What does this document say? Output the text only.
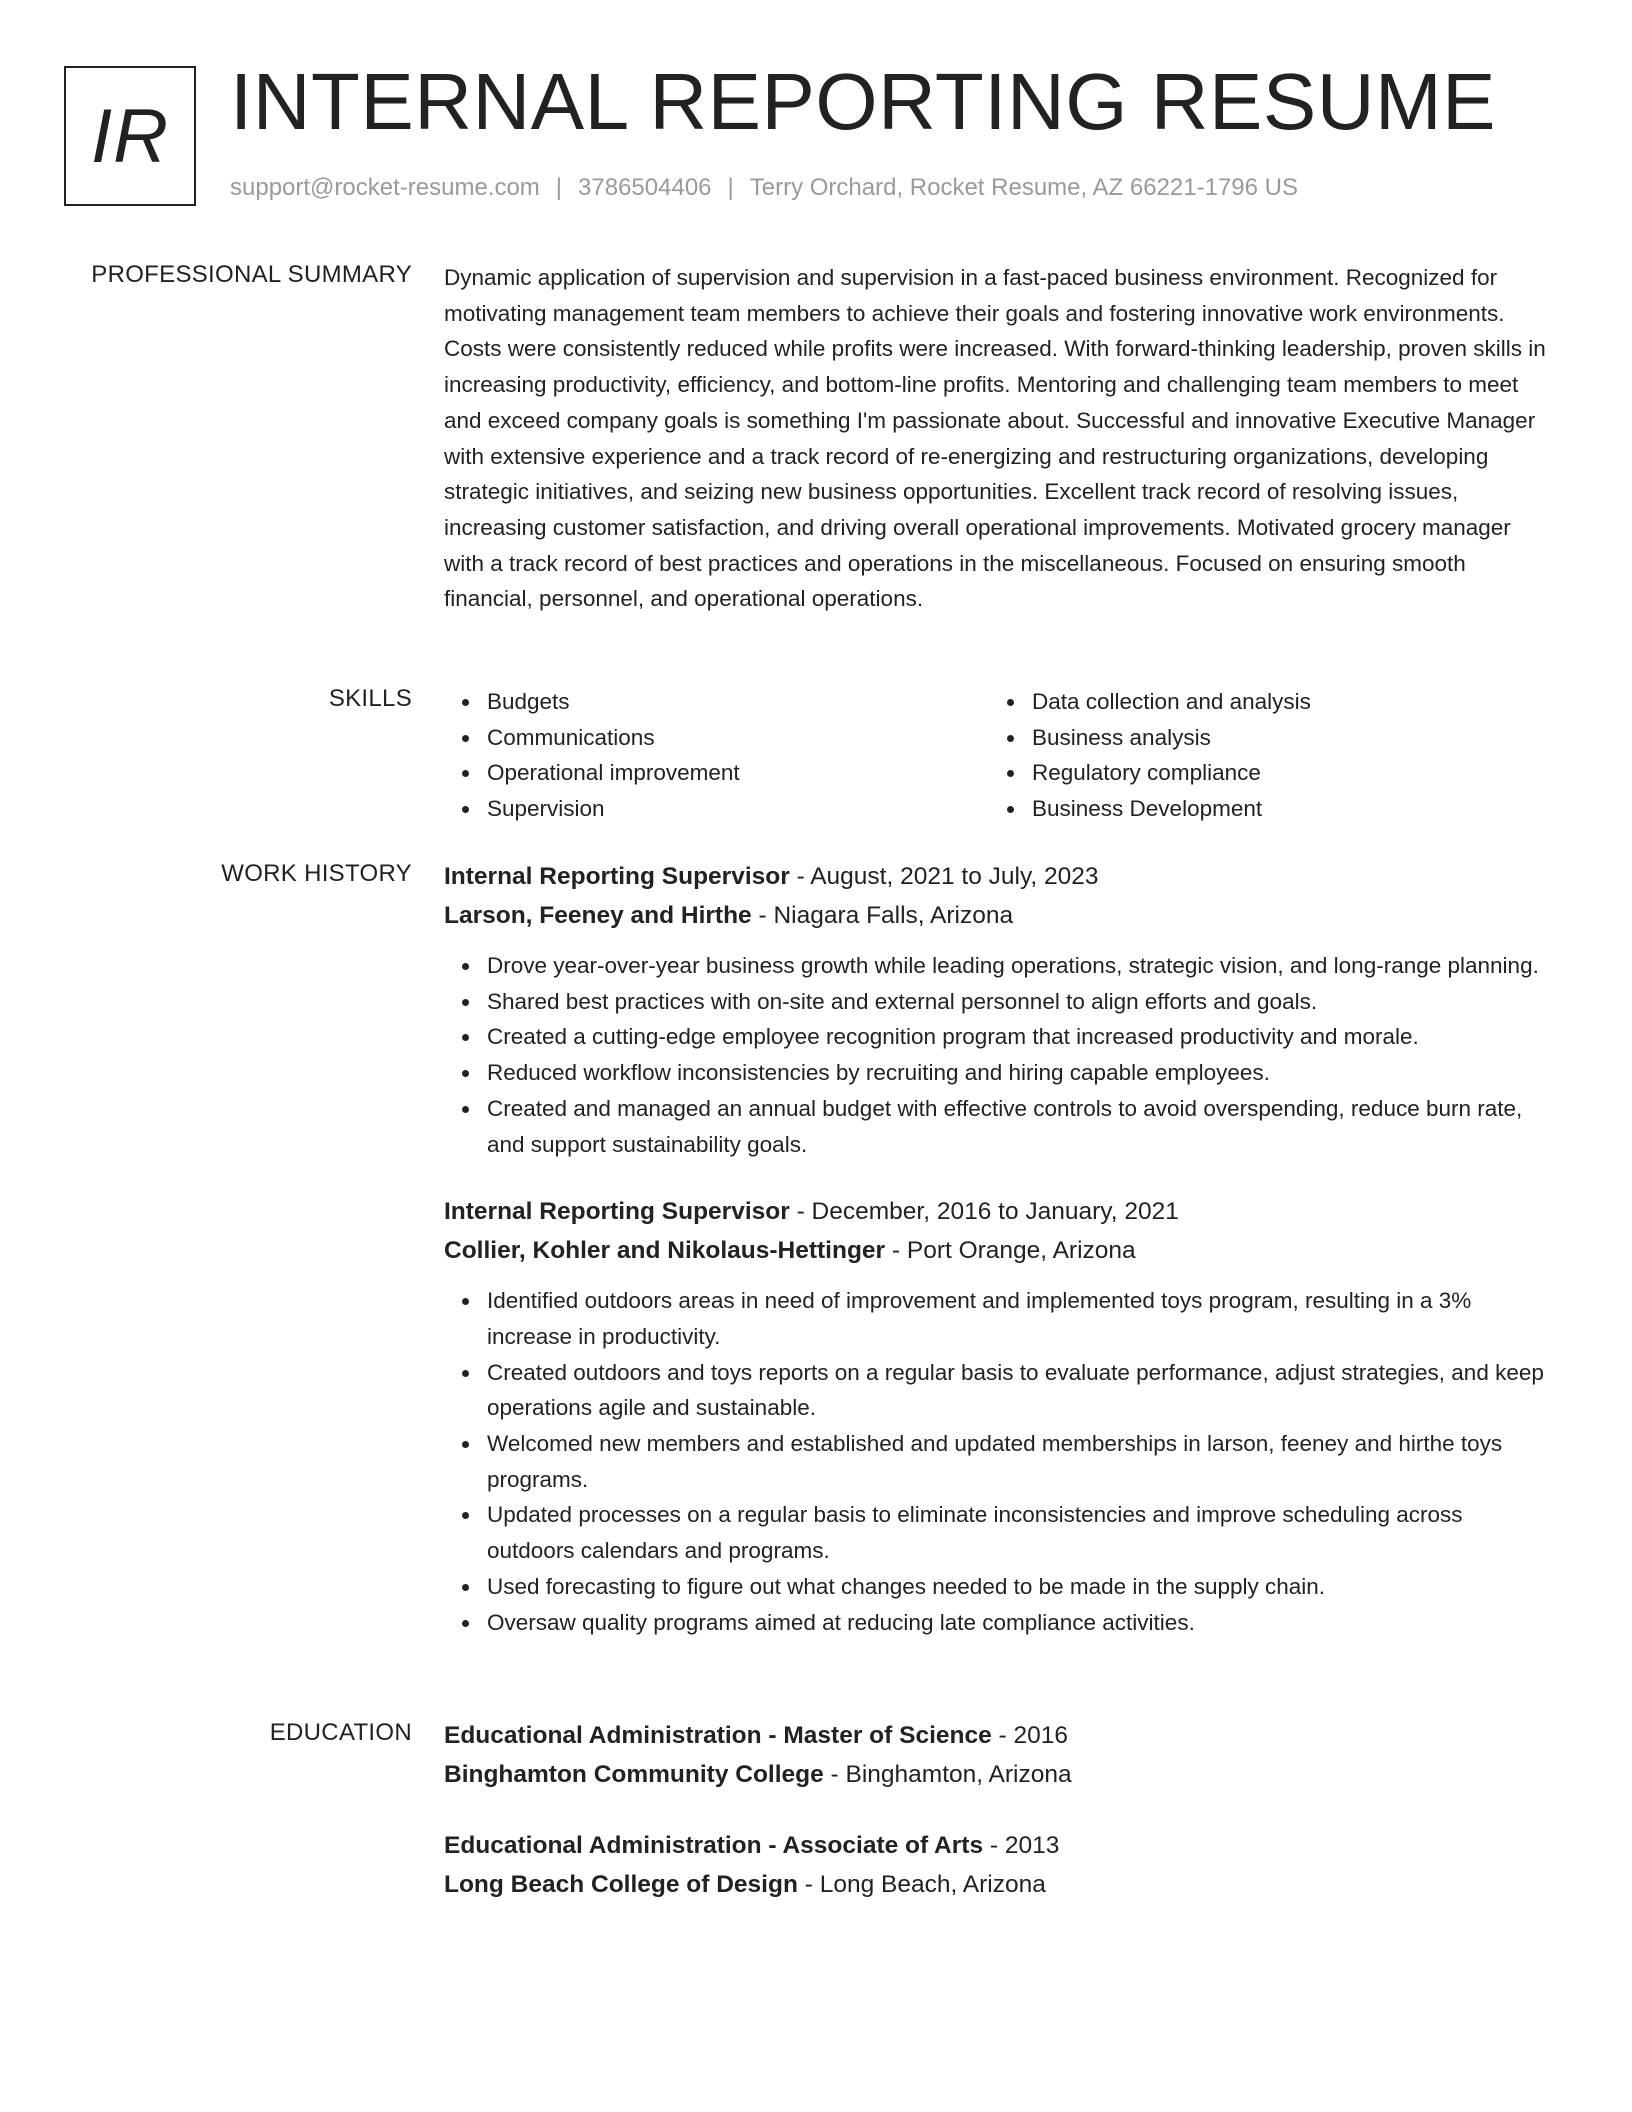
IR INTERNAL REPORTING RESUME
support@rocket-resume.com | 3786504406 | Terry Orchard, Rocket Resume, AZ 66221-1796 US
PROFESSIONAL SUMMARY Dynamic application of supervision and supervision in a fast-paced business environment. Recognized for motivating management team members to achieve their goals and fostering innovative work environments. Costs were consistently reduced while profits were increased. With forward-thinking leadership, proven skills in increasing productivity, efficiency, and bottom-line profits. Mentoring and challenging team members to meet and exceed company goals is something I'm passionate about. Successful and innovative Executive Manager with extensive experience and a track record of re-energizing and restructuring organizations, developing strategic initiatives, and seizing new business opportunities. Excellent track record of resolving issues, increasing customer satisfaction, and driving overall operational improvements. Motivated grocery manager with a track record of best practices and operations in the miscellaneous. Focused on ensuring smooth financial, personnel, and operational operations.

SKILLS	Budgets
Communications
Operational improvement
Supervision
Data collection and analysis
Business analysis
Regulatory compliance
Business Development
WORK HISTORY Internal Reporting Supervisor - August, 2021 to July, 2023
Larson, Feeney and Hirthe - Niagara Falls, Arizona
Drove year-over-year business growth while leading operations, strategic vision, and long-range planning.
Shared best practices with on-site and external personnel to align efforts and goals.
Created a cutting-edge employee recognition program that increased productivity and morale.
Reduced workflow inconsistencies by recruiting and hiring capable employees.
Created and managed an annual budget with effective controls to avoid overspending, reduce burn rate, and support sustainability goals.
Internal Reporting Supervisor - December, 2016 to January, 2021
Collier, Kohler and Nikolaus-Hettinger - Port Orange, Arizona
Identified outdoors areas in need of improvement and implemented toys program, resulting in a 3% increase in productivity.
Created outdoors and toys reports on a regular basis to evaluate performance, adjust strategies, and keep operations agile and sustainable.
Welcomed new members and established and updated memberships in larson, feeney and hirthe toys programs.
Updated processes on a regular basis to eliminate inconsistencies and improve scheduling across outdoors calendars and programs.
Used forecasting to figure out what changes needed to be made in the supply chain.
Oversaw quality programs aimed at reducing late compliance activities.
EDUCATION Educational Administration - Master of Science - 2016
Binghamton Community College - Binghamton, Arizona
Educational Administration - Associate of Arts - 2013
Long Beach College of Design - Long Beach, Arizona
